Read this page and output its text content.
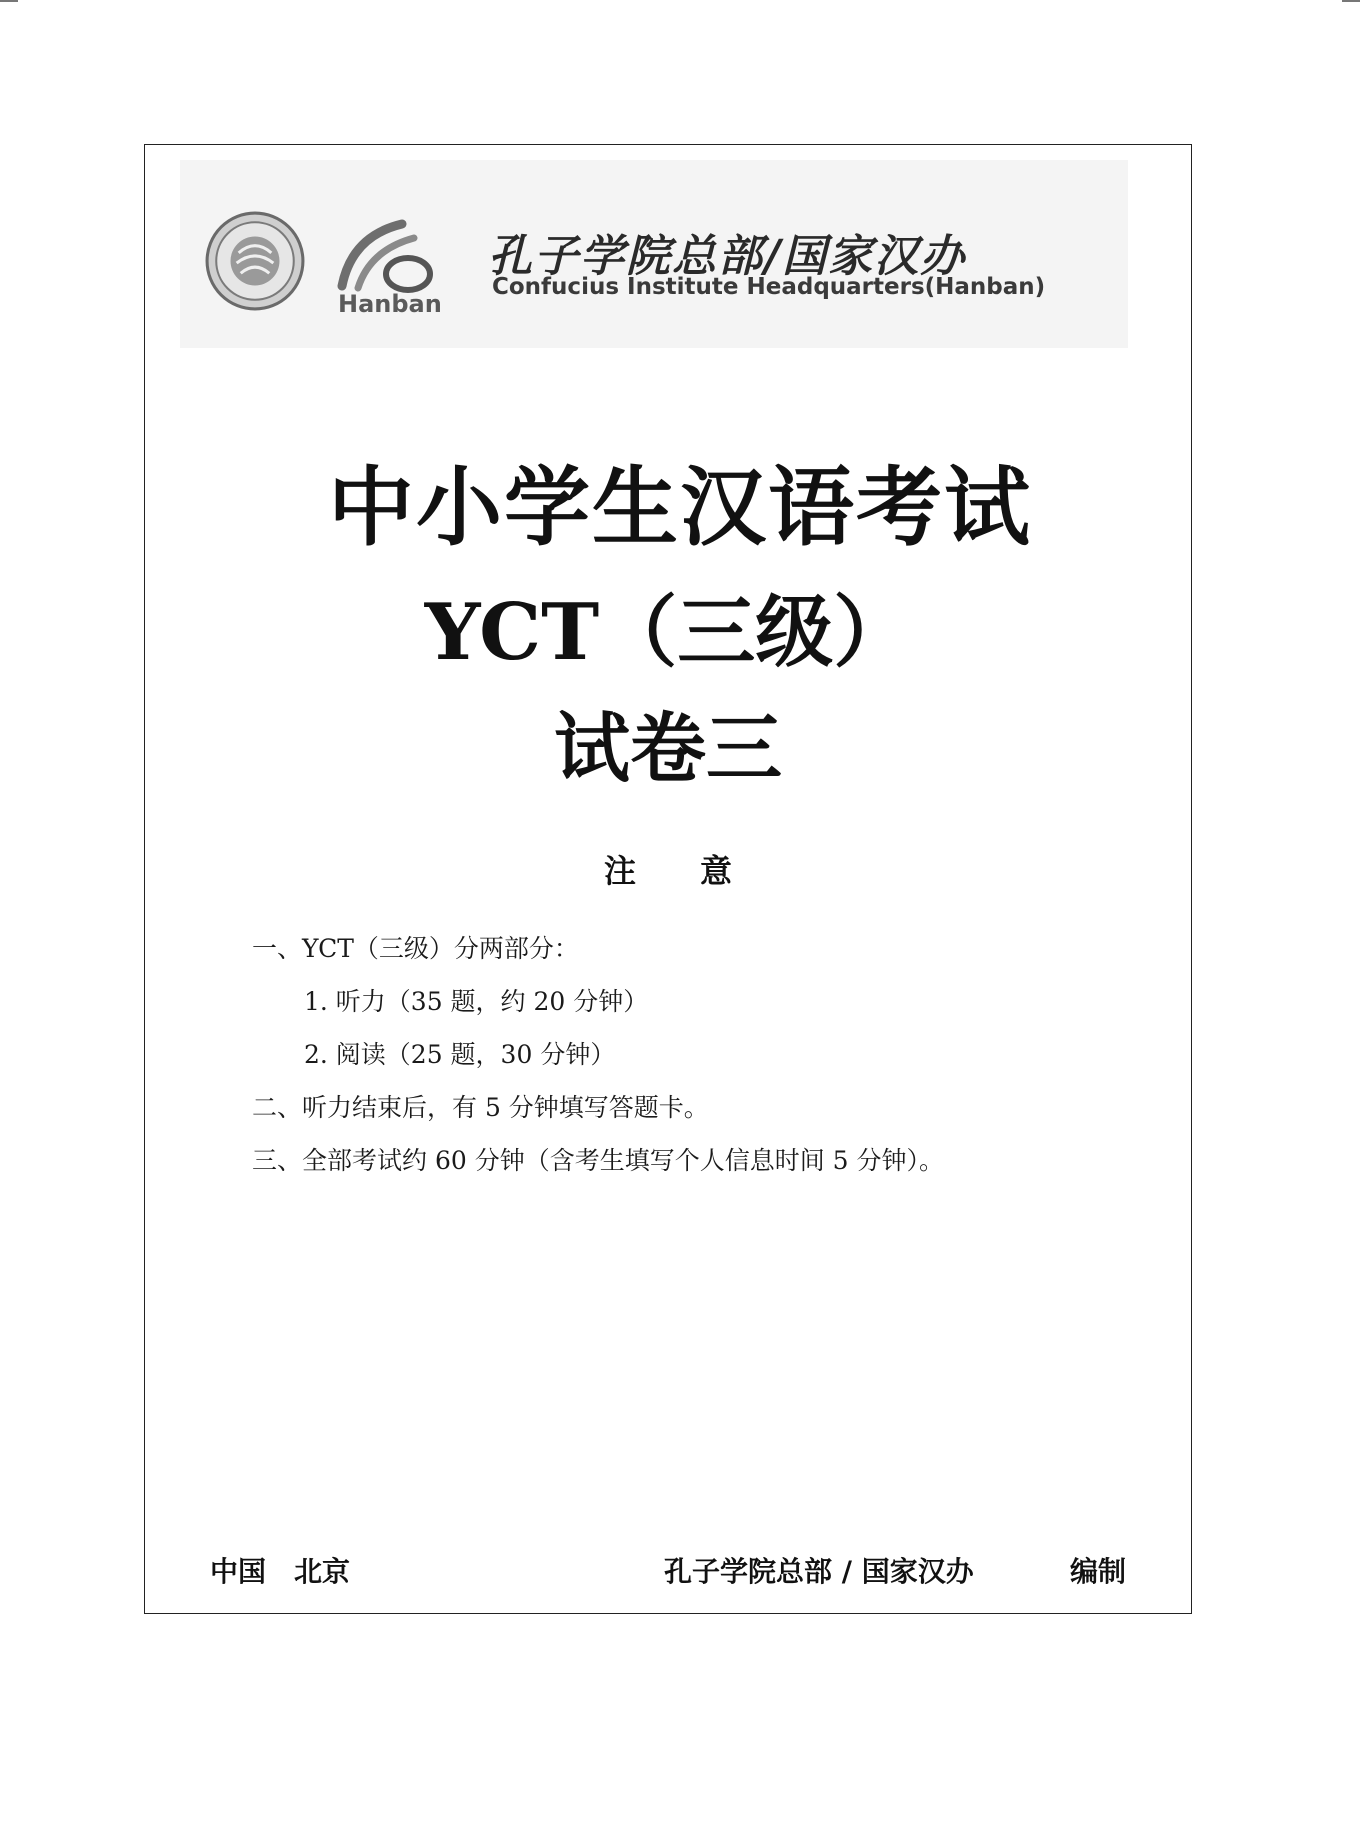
Hanban
孔子学院总部/国家汉办
Confucius Institute Headquarters(Hanban)
中小学生汉语考试
YCT（三级）
试卷三
注　　意
一、YCT（三级）分两部分：
1. 听力（35 题，约 20 分钟）
2. 阅读（25 题，30 分钟）
二、听力结束后，有 5 分钟填写答题卡。
三、全部考试约 60 分钟（含考生填写个人信息时间 5 分钟）。
中国　北京	孔子学院总部 / 国家汉办	编制
